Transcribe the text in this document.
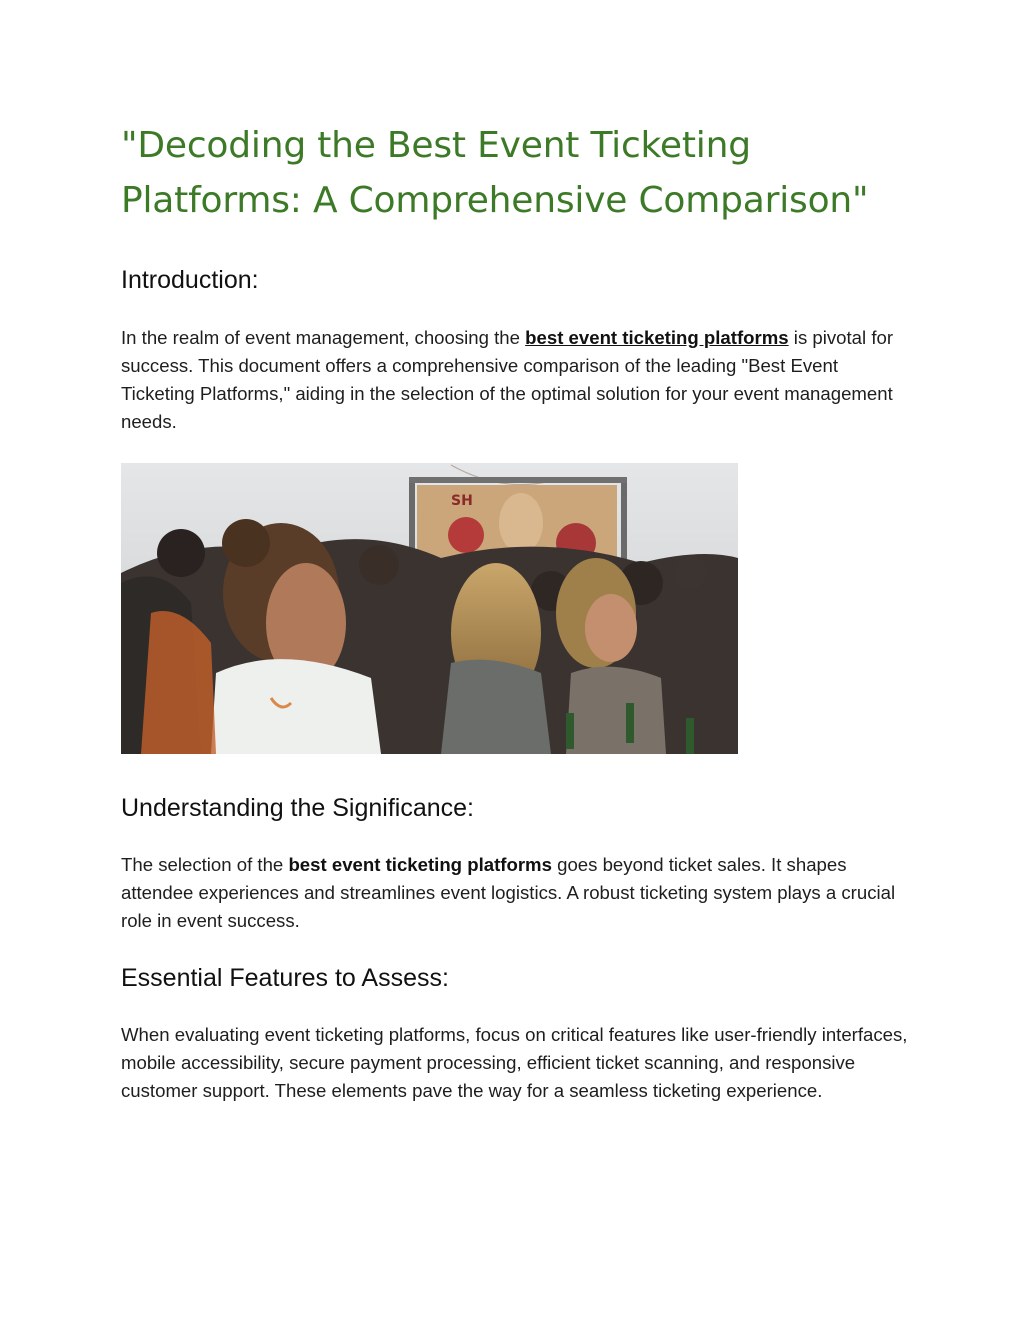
"Decoding the Best Event Ticketing Platforms: A Comprehensive Comparison"
Introduction:

In the realm of event management, choosing the best event ticketing platforms is pivotal for success. This document offers a comprehensive comparison of the leading "Best Event Ticketing Platforms," aiding in the selection of the optimal solution for your event management needs.

SH
Understanding the Significance:

The selection of the best event ticketing platforms goes beyond ticket sales. It shapes attendee experiences and streamlines event logistics. A robust ticketing system plays a crucial role in event success.

Essential Features to Assess:

When evaluating event ticketing platforms, focus on critical features like user-friendly interfaces, mobile accessibility, secure payment processing, efficient ticket scanning, and responsive customer support. These elements pave the way for a seamless ticketing experience.
